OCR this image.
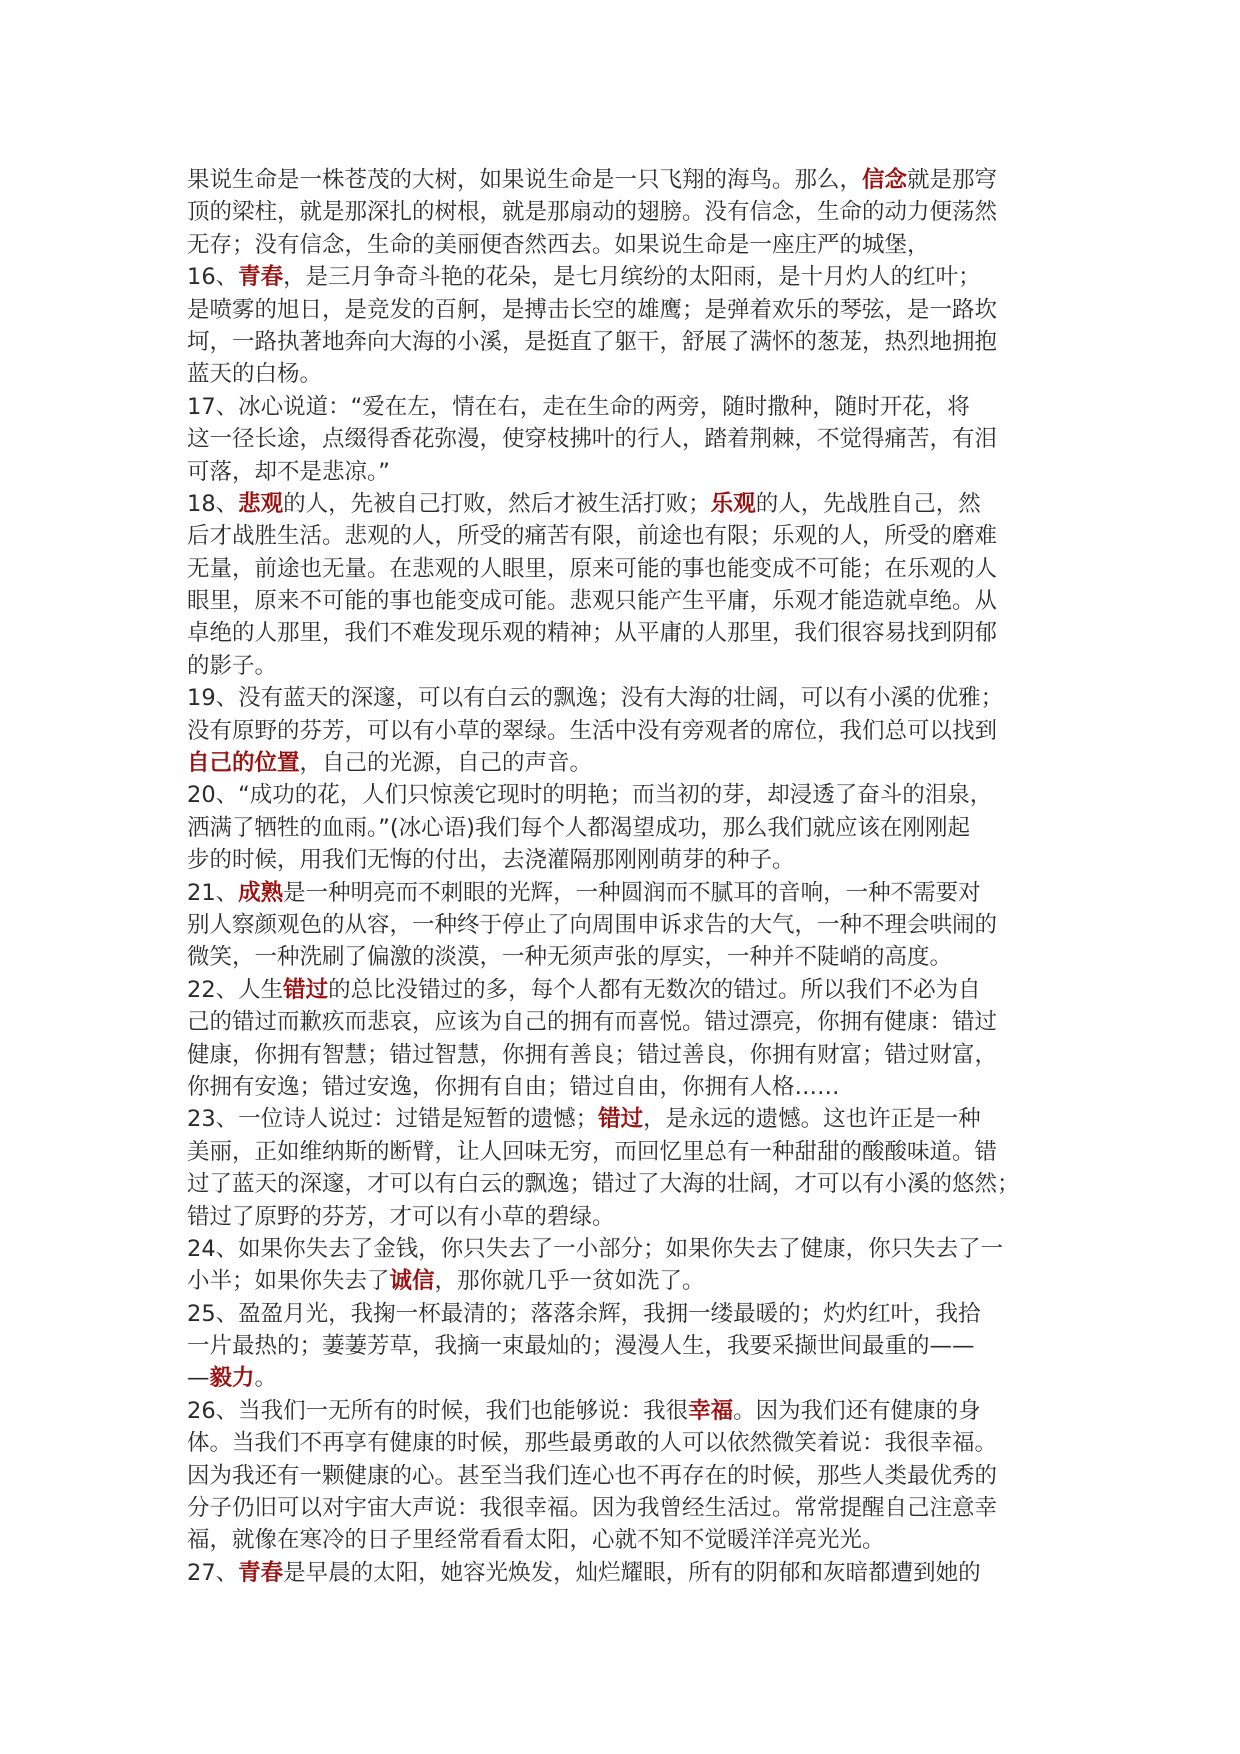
果说生命是一株苍茂的大树，如果说生命是一只飞翔的海鸟。那么，信念就是那穹
顶的梁柱，就是那深扎的树根，就是那扇动的翅膀。没有信念，生命的动力便荡然
无存；没有信念，生命的美丽便杳然西去。如果说生命是一座庄严的城堡，
16、青春，是三月争奇斗艳的花朵，是七月缤纷的太阳雨，是十月灼人的红叶；
是喷雾的旭日，是竞发的百舸，是搏击长空的雄鹰；是弹着欢乐的琴弦，是一路坎
坷，一路执著地奔向大海的小溪，是挺直了躯干，舒展了满怀的葱茏，热烈地拥抱
蓝天的白杨。
17、冰心说道：“爱在左，情在右，走在生命的两旁，随时撒种，随时开花，将
这一径长途，点缀得香花弥漫，使穿枝拂叶的行人，踏着荆棘，不觉得痛苦，有泪
可落，却不是悲凉。”
18、悲观的人，先被自己打败，然后才被生活打败；乐观的人，先战胜自己，然
后才战胜生活。悲观的人，所受的痛苦有限，前途也有限；乐观的人，所受的磨难
无量，前途也无量。在悲观的人眼里，原来可能的事也能变成不可能；在乐观的人
眼里，原来不可能的事也能变成可能。悲观只能产生平庸，乐观才能造就卓绝。从
卓绝的人那里，我们不难发现乐观的精神；从平庸的人那里，我们很容易找到阴郁
的影子。
19、没有蓝天的深邃，可以有白云的飘逸；没有大海的壮阔，可以有小溪的优雅；
没有原野的芬芳，可以有小草的翠绿。生活中没有旁观者的席位，我们总可以找到
自己的位置，自己的光源，自己的声音。
20、“成功的花，人们只惊羡它现时的明艳；而当初的芽，却浸透了奋斗的泪泉，
洒满了牺牲的血雨。”(冰心语)我们每个人都渴望成功，那么我们就应该在刚刚起
步的时候，用我们无悔的付出，去浇灌隔那刚刚萌芽的种子。
21、成熟是一种明亮而不刺眼的光辉，一种圆润而不腻耳的音响，一种不需要对
别人察颜观色的从容，一种终于停止了向周围申诉求告的大气，一种不理会哄闹的
微笑，一种洗刷了偏激的淡漠，一种无须声张的厚实，一种并不陡峭的高度。
22、人生错过的总比没错过的多，每个人都有无数次的错过。所以我们不必为自
己的错过而歉疚而悲哀，应该为自己的拥有而喜悦。错过漂亮，你拥有健康：错过
健康，你拥有智慧；错过智慧，你拥有善良；错过善良，你拥有财富；错过财富，
你拥有安逸；错过安逸，你拥有自由；错过自由，你拥有人格……
23、一位诗人说过：过错是短暂的遗憾；错过，是永远的遗憾。这也许正是一种
美丽，正如维纳斯的断臂，让人回味无穷，而回忆里总有一种甜甜的酸酸味道。错
过了蓝天的深邃，才可以有白云的飘逸；错过了大海的壮阔，才可以有小溪的悠然；
错过了原野的芬芳，才可以有小草的碧绿。
24、如果你失去了金钱，你只失去了一小部分；如果你失去了健康，你只失去了一
小半；如果你失去了诚信，那你就几乎一贫如洗了。
25、盈盈月光，我掬一杯最清的；落落余辉，我拥一缕最暖的；灼灼红叶，我拾
一片最热的；萋萋芳草，我摘一束最灿的；漫漫人生，我要采撷世间最重的——
—毅力。
26、当我们一无所有的时候，我们也能够说：我很幸福。因为我们还有健康的身
体。当我们不再享有健康的时候，那些最勇敢的人可以依然微笑着说：我很幸福。
因为我还有一颗健康的心。甚至当我们连心也不再存在的时候，那些人类最优秀的
分子仍旧可以对宇宙大声说：我很幸福。因为我曾经生活过。常常提醒自己注意幸
福，就像在寒冷的日子里经常看看太阳，心就不知不觉暖洋洋亮光光。
27、青春是早晨的太阳，她容光焕发，灿烂耀眼，所有的阴郁和灰暗都遭到她的
